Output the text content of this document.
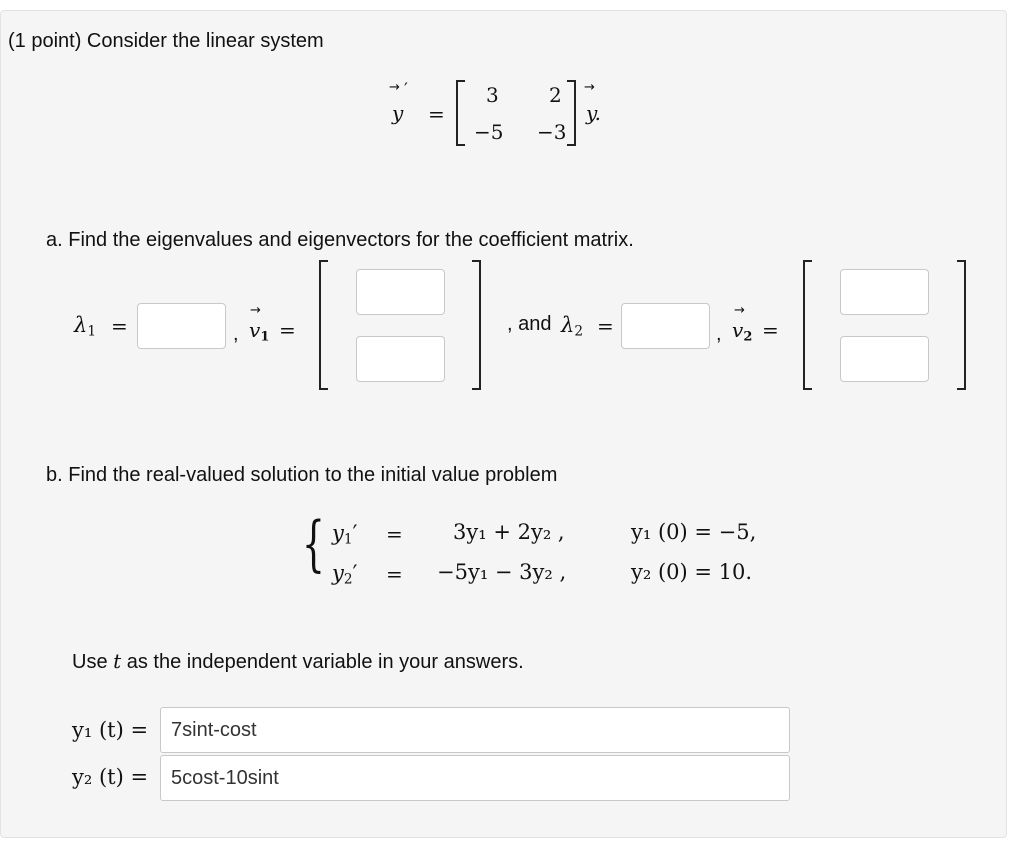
(1 point) Consider the linear system
→
y
′
=
3	2
−5 −3
→
y.
a. Find the eigenvalues and eigenvectors for the coefficient matrix.
$\lambda_1$ =	,
→
$v_1$ =	, and $\lambda_2$ =	,
→
$v_2$ =
b. Find the real-valued solution to the initial value problem
{ $y_1' = 3y_1 + 2y_2$ ,	y₁ (0) = −5,
$y_2' = -5y_1 - 3y_2$ ,	y₂ (0) = 10.
Use t as the independent variable in your answers.
y₁ (t) =	7sint-cost
y₂ (t) =	5cost-10sint
